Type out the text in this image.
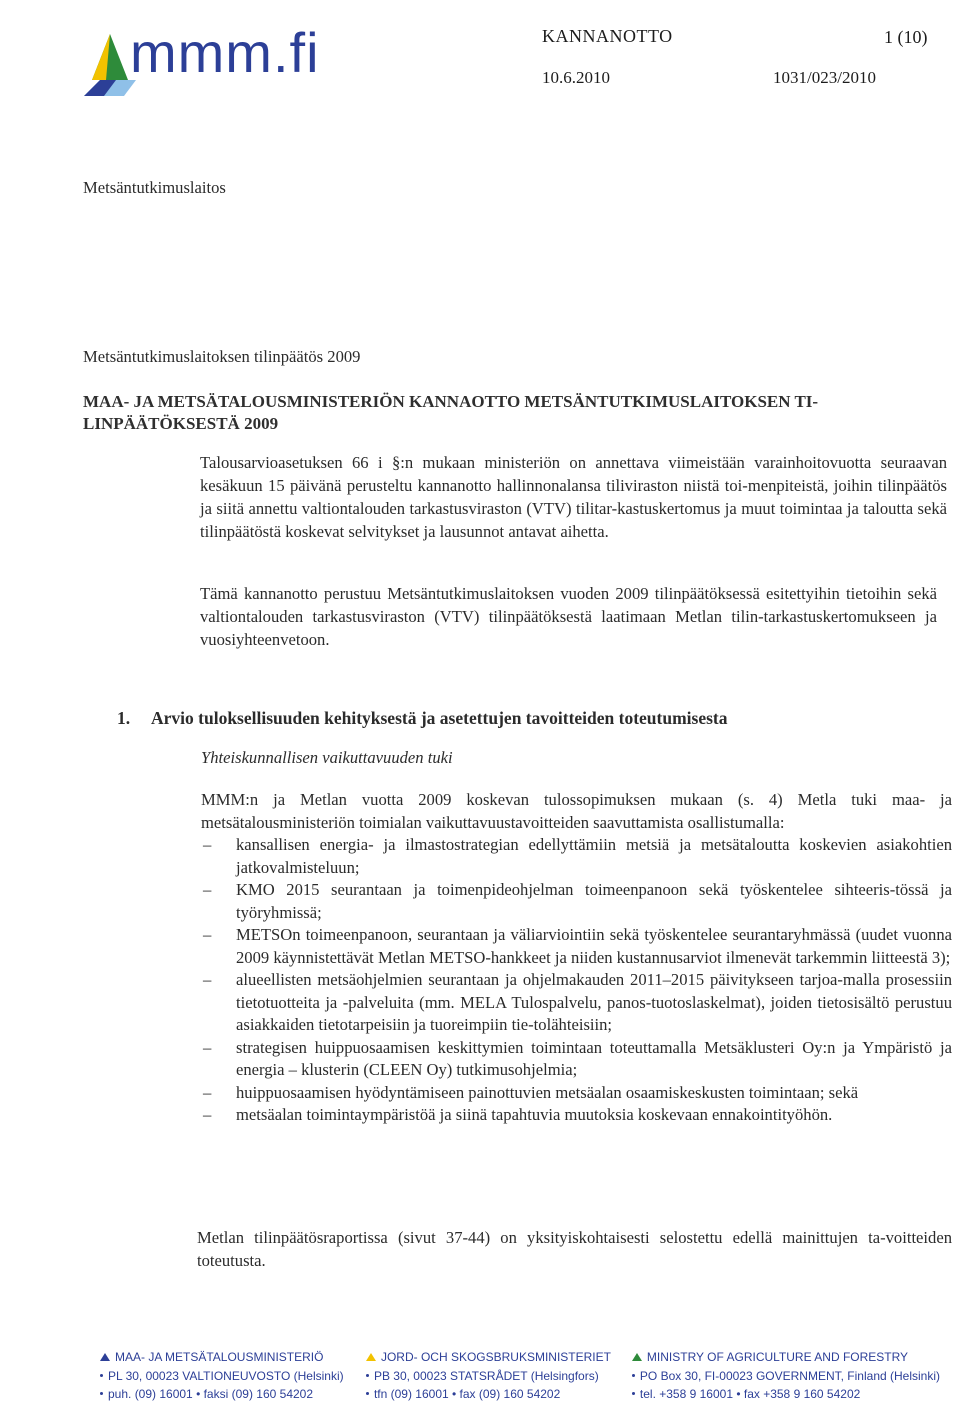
mmm.fi	KANNANOTTO	1 (10)
10.6.2010	1031/023/2010
Metsäntutkimuslaitos
Metsäntutkimuslaitoksen tilinpäätös 2009
MAA- JA METSÄTALOUSMINISTERIÖN KANNAOTTO METSÄNTUTKIMUSLAITOKSEN TI-LINPÄÄTÖKSESTÄ 2009
Talousarvioasetuksen 66 i §:n mukaan ministeriön on annettava viimeistään varainhoitovuotta seuraavan kesäkuun 15 päivänä perusteltu kannanotto hallinnonalansa tiliviraston niistä toi-menpiteistä, joihin tilinpäätös ja siitä annettu valtiontalouden tarkastusviraston (VTV) tilitar-kastuskertomus ja muut toimintaa ja taloutta sekä tilinpäätöstä koskevat selvitykset ja lausunnot antavat aihetta.
Tämä kannanotto perustuu Metsäntutkimuslaitoksen vuoden 2009 tilinpäätöksessä esitettyihin tietoihin sekä valtiontalouden tarkastusviraston (VTV) tilinpäätöksestä laatimaan Metlan tilin-tarkastuskertomukseen ja vuosiyhteenvetoon.
1. Arvio tuloksellisuuden kehityksestä ja asetettujen tavoitteiden toteutumisesta
Yhteiskunnallisen vaikuttavuuden tuki
MMM:n ja Metlan vuotta 2009 koskevan tulossopimuksen mukaan (s. 4) Metla tuki maa- ja metsätalousministeriön toimialan vaikuttavuustavoitteiden saavuttamista osallistumalla:
– kansallisen energia- ja ilmastostrategian edellyttämiin metsiä ja metsätaloutta koskevien asiakohtien jatkovalmisteluun;
– KMO 2015 seurantaan ja toimenpideohjelman toimeenpanoon sekä työskentelee sihteeris-tössä ja työryhmissä;
– METSOn toimeenpanoon, seurantaan ja väliarviointiin sekä työskentelee seurantaryhmässä (uudet vuonna 2009 käynnistettävät Metlan METSO-hankkeet ja niiden kustannusarviot ilmenevät tarkemmin liitteestä 3);
– alueellisten metsäohjelmien seurantaan ja ohjelmakauden 2011–2015 päivitykseen tarjoa-malla prosessiin tietotuotteita ja -palveluita (mm. MELA Tulospalvelu, panos-tuotoslaskelmat), joiden tietosisältö perustuu asiakkaiden tietotarpeisiin ja tuoreimpiin tie-tolähteisiin;
– strategisen huippuosaamisen keskittymien toimintaan toteuttamalla Metsäklusteri Oy:n ja Ympäristö ja energia – klusterin (CLEEN Oy) tutkimusohjelmia;
– huippuosaamisen hyödyntämiseen painottuvien metsäalan osaamiskeskusten toimintaan; sekä
– metsäalan toimintaympäristöä ja siinä tapahtuvia muutoksia koskevaan ennakointityöhön.
Metlan tilinpäätösraportissa (sivut 37-44) on yksityiskohtaisesti selostettu edellä mainittujen ta-voitteiden toteutusta.
MAA- JA METSÄTALOUSMINISTERIÖ
PL 30, 00023 VALTIONEUVOSTO (Helsinki)
puh. (09) 16001 • faksi (09) 160 54202
JORD- OCH SKOGSBRUKSMINISTERIET
PB 30, 00023 STATSRÅDET (Helsingfors)
tfn (09) 16001 • fax (09) 160 54202
MINISTRY OF AGRICULTURE AND FORESTRY
PO Box 30, FI-00023 GOVERNMENT, Finland (Helsinki)
tel. +358 9 16001 • fax +358 9 160 54202
